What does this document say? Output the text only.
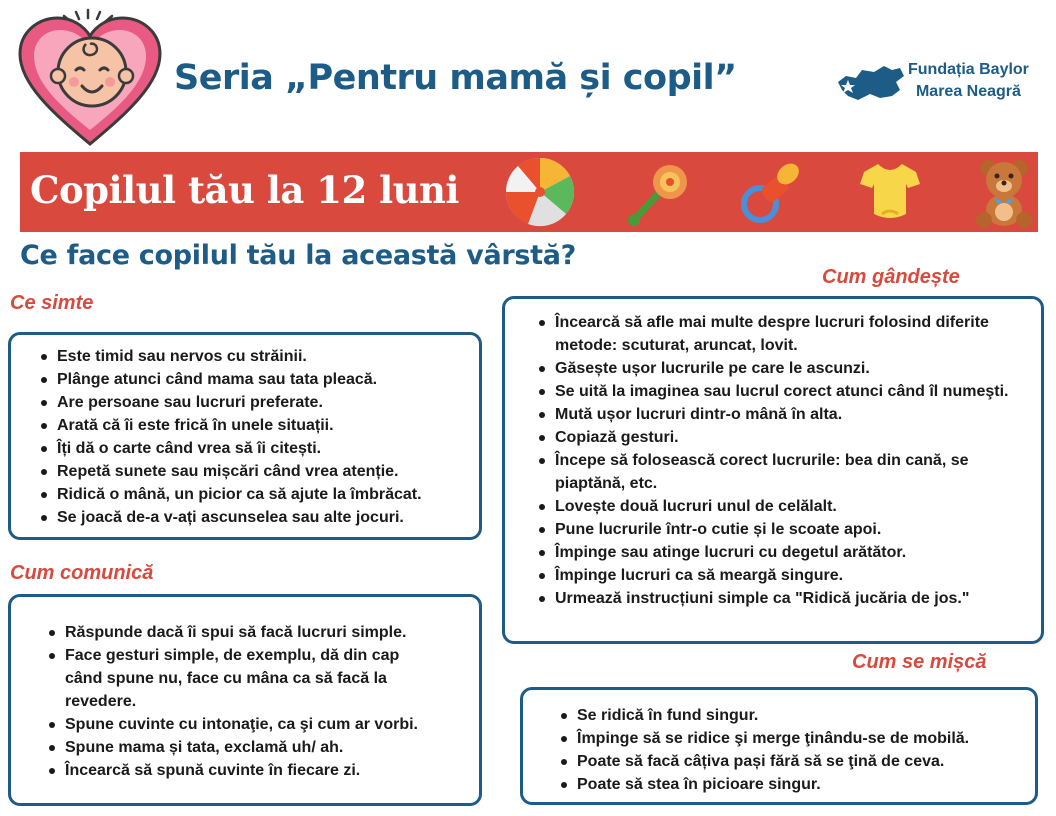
Seria „Pentru mamă și copil”	Fundația Baylor
Marea Neagră
Copilul tău la 12 luni
Ce face copilul tău la această vârstă?
Ce simte
Este timid sau nervos cu străinii.
Plânge atunci când mama sau tata pleacă.
Are persoane sau lucruri preferate.
Arată că îi este frică în unele situații.
Îți dă o carte când vrea să îi citești.
Repetă sunete sau mișcări când vrea atenție.
Ridică o mână, un picior ca să ajute la îmbrăcat.
Se joacă de-a v-ați ascunselea sau alte jocuri.
Cum comunică
Răspunde dacă îi spui să facă lucruri simple.
Face gesturi simple, de exemplu, dă din cap când spune nu, face cu mâna ca să facă la revedere.
Spune cuvinte cu intonaţie, ca şi cum ar vorbi.
Spune mama și tata, exclamă uh/ ah.
Încearcă să spună cuvinte în fiecare zi.
Cum gândește
Încearcă să afle mai multe despre lucruri folosind diferite metode: scuturat, aruncat, lovit.
Găsește ușor lucrurile pe care le ascunzi.
Se uită la imaginea sau lucrul corect atunci când îl numeşti.
Mută ușor lucruri dintr-o mână în alta.
Copiază gesturi.
Începe să folosească corect lucrurile: bea din cană, se piaptănă, etc.
Lovește două lucruri unul de celălalt.
Pune lucrurile într-o cutie și le scoate apoi.
Împinge sau atinge lucruri cu degetul arătător.
Împinge lucruri ca să meargă singure.
Urmează instrucțiuni simple ca "Ridică jucăria de jos."
Cum se mișcă
Se ridică în fund singur.
Împinge să se ridice şi merge ţinându-se de mobilă.
Poate să facă câțiva pași fără să se ţină de ceva.
Poate să stea în picioare singur.
